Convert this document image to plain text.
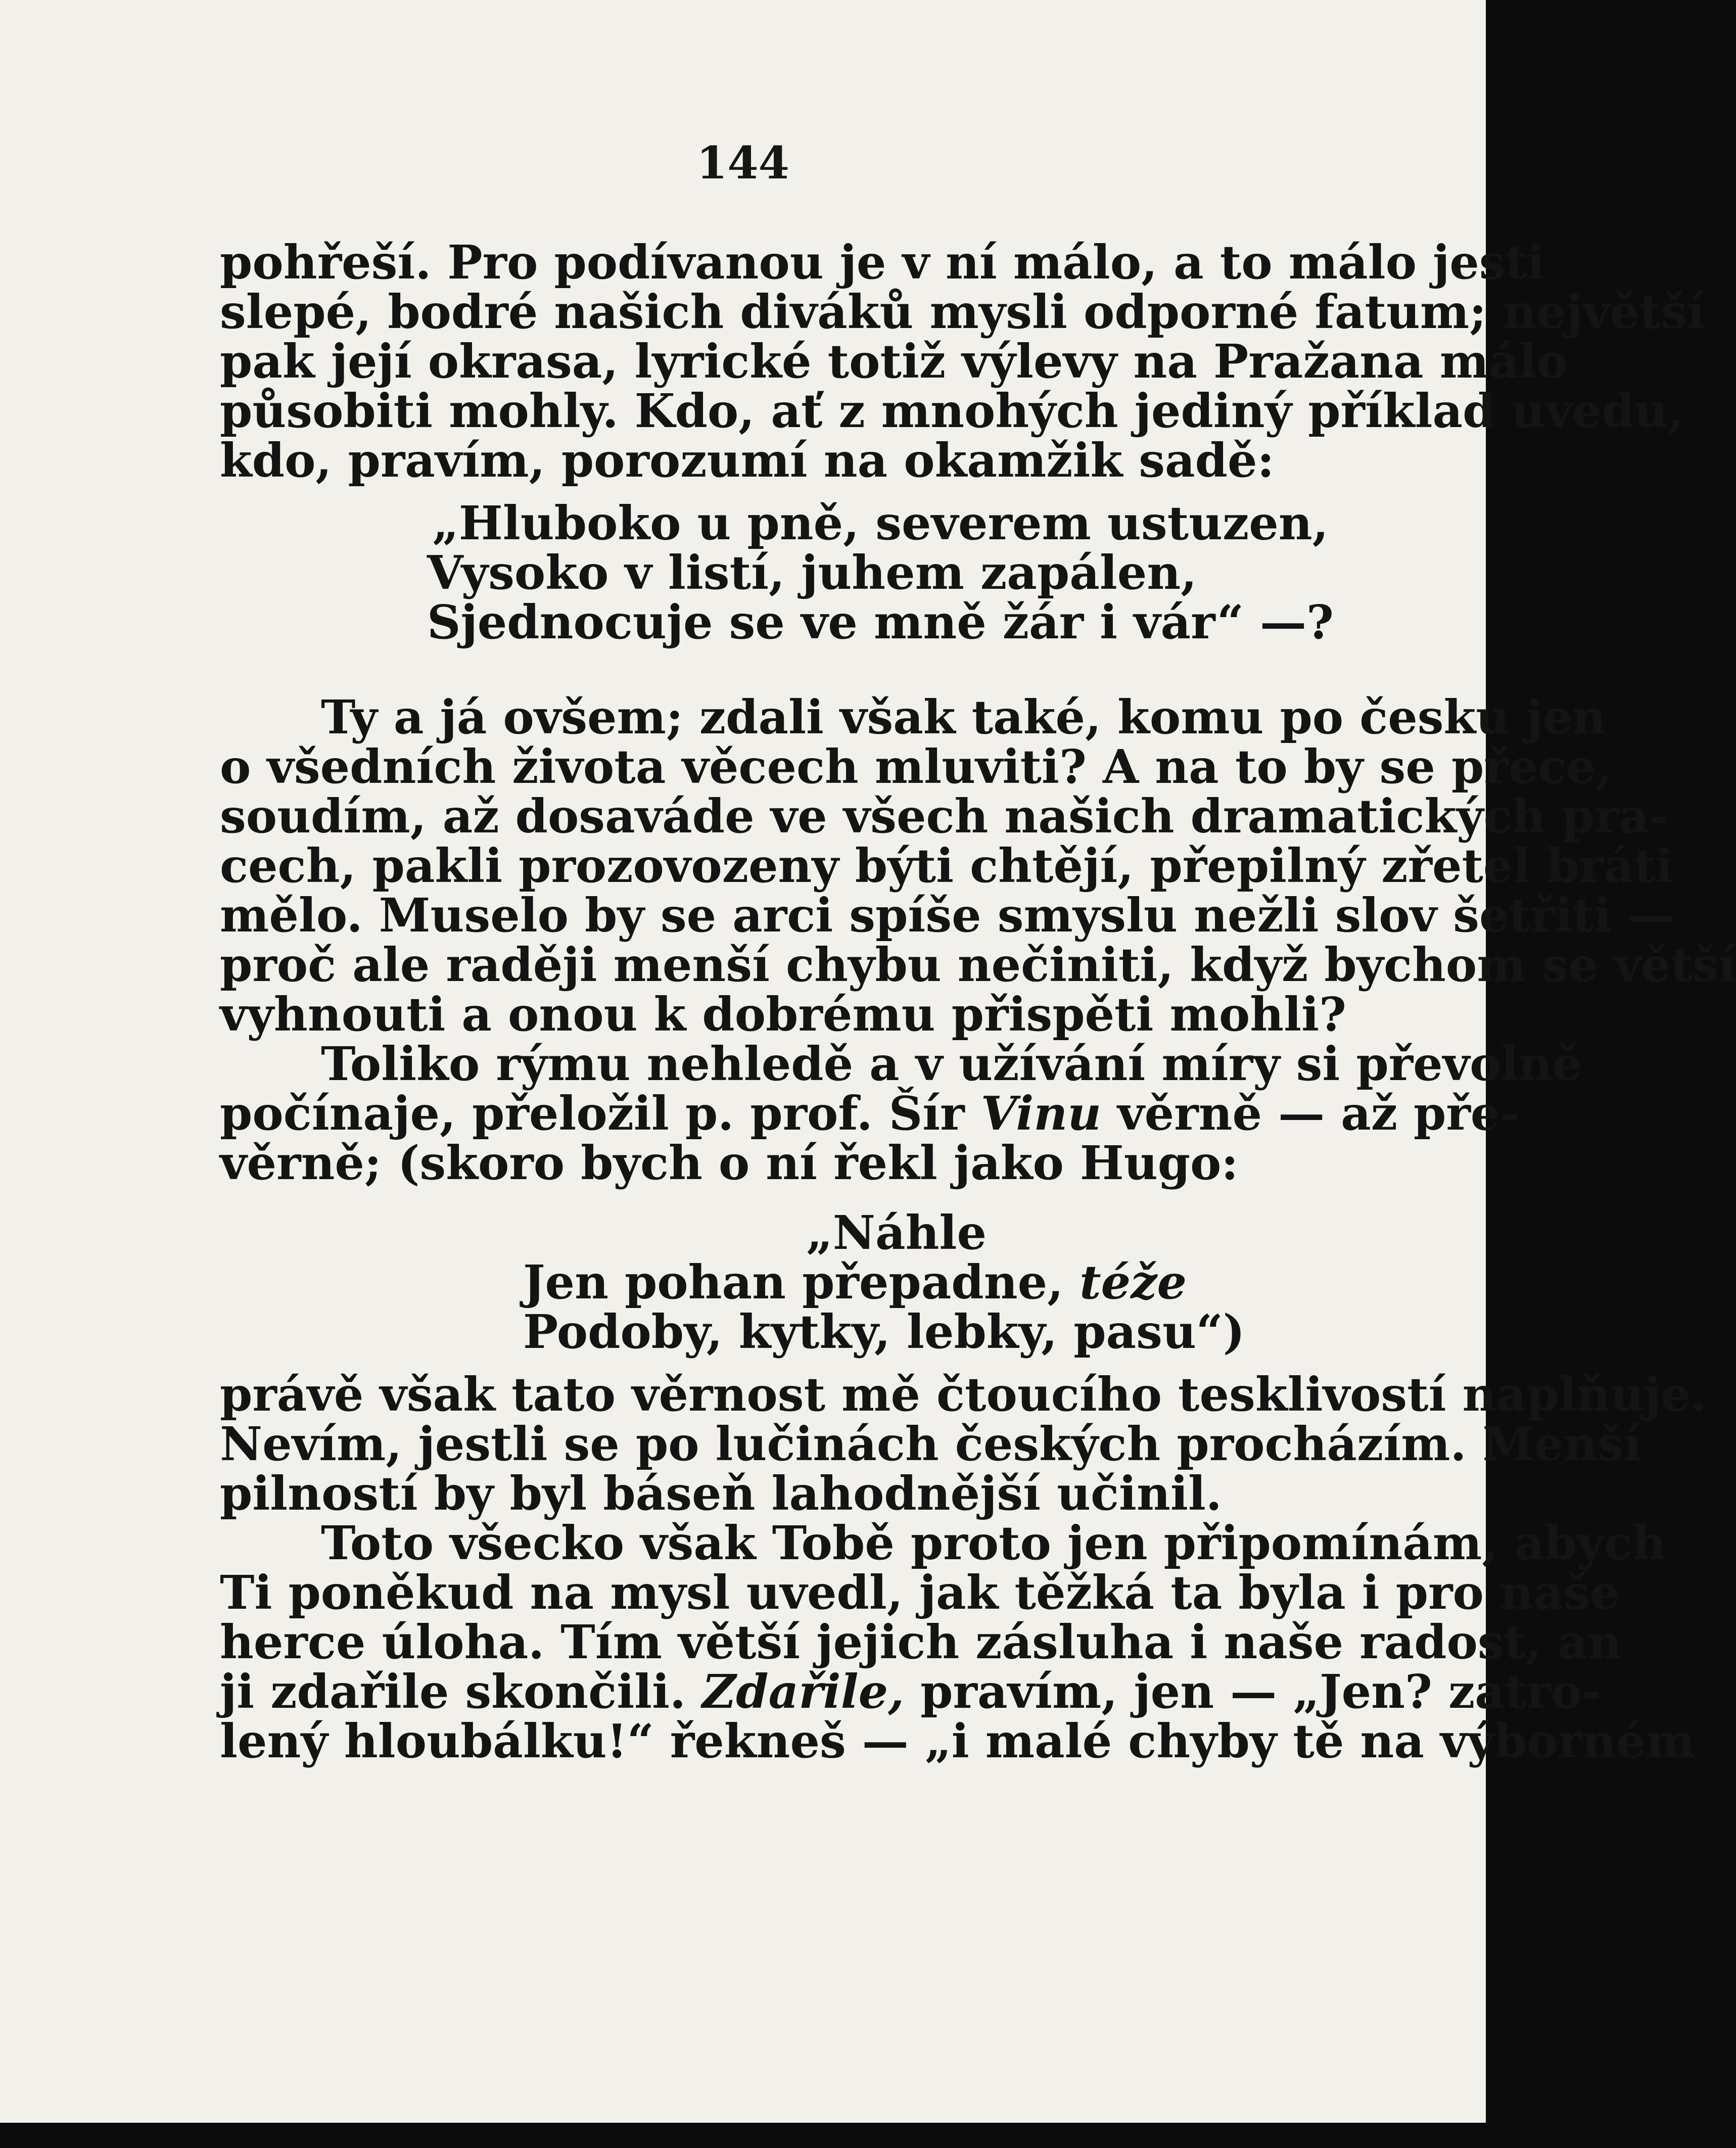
144

pohřeší. Pro podívanou je v ní málo, a to málo jesti
slepé, bodré našich diváků mysli odporné fatum; největší
pak její okrasa, lyrické totiž výlevy na Pražana málo
působiti mohly. Kdo, ať z mnohých jediný příklad uvedu,
kdo, pravím, porozumí na okamžik sadě:
„Hluboko u pně, severem ustuzen,
Vysoko v listí, juhem zapálen,
Sjednocuje se ve mně žár i vár“ —?
Ty a já ovšem; zdali však také, komu po česku jen
o všedních života věcech mluviti? A na to by se přece,
soudím, až dosaváde ve všech našich dramatických pra-
cech, pakli prozovozeny býti chtějí, přepilný zřetel bráti
mělo. Muselo by se arci spíše smyslu nežli slov šetřiti —
proč ale raději menší chybu nečiniti, když bychom se větší
vyhnouti a onou k dobrému přispěti mohli?
Toliko rýmu nehledě a v užívání míry si převolně
počínaje, přeložil p. prof. Šír Vinu věrně — až pře-
věrně; (skoro bych o ní řekl jako Hugo:
„Náhle
Jen pohan přepadne, téže
Podoby, kytky, lebky, pasu“)
právě však tato věrnost mě čtoucího tesklivostí naplňuje.
Nevím, jestli se po lučinách českých procházím. Menší
pilností by byl báseň lahodnější učinil.
Toto všecko však Tobě proto jen připomínám, abych
Ti poněkud na mysl uvedl, jak těžká ta byla i pro naše
herce úloha. Tím větší jejich zásluha i naše radost, an
ji zdařile skončili. Zdařile, pravím, jen — „Jen? zatro-
lený hloubálku!“ řekneš — „i malé chyby tě na výborném
